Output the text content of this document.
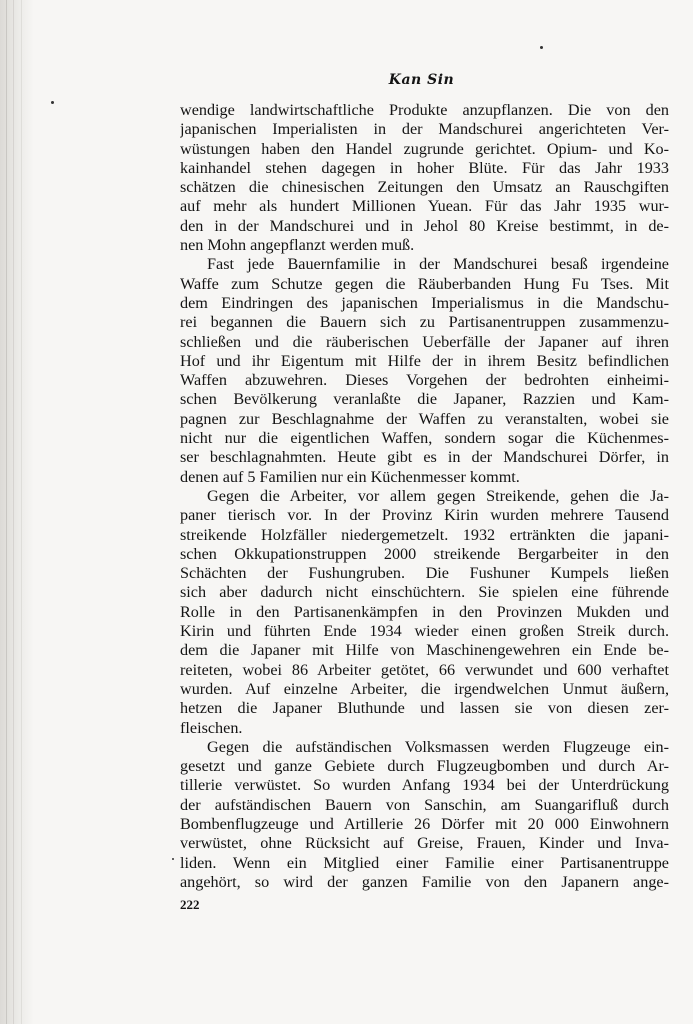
Kan Sin
wendige landwirtschaftliche Produkte anzupflanzen. Die von den
japanischen Imperialisten in der Mandschurei angerichteten Ver-
wüstungen haben den Handel zugrunde gerichtet. Opium- und Ko-
kainhandel stehen dagegen in hoher Blüte. Für das Jahr 1933
schätzen die chinesischen Zeitungen den Umsatz an Rauschgiften
auf mehr als hundert Millionen Yuean. Für das Jahr 1935 wur-
den in der Mandschurei und in Jehol 80 Kreise bestimmt, in de-
nen Mohn angepflanzt werden muß.
Fast jede Bauernfamilie in der Mandschurei besaß irgendeine
Waffe zum Schutze gegen die Räuberbanden Hung Fu Tses. Mit
dem Eindringen des japanischen Imperialismus in die Mandschu-
rei begannen die Bauern sich zu Partisanentruppen zusammenzu-
schließen und die räuberischen Ueberfälle der Japaner auf ihren
Hof und ihr Eigentum mit Hilfe der in ihrem Besitz befindlichen
Waffen abzuwehren. Dieses Vorgehen der bedrohten einheimi-
schen Bevölkerung veranlaßte die Japaner, Razzien und Kam-
pagnen zur Beschlagnahme der Waffen zu veranstalten, wobei sie
nicht nur die eigentlichen Waffen, sondern sogar die Küchenmes-
ser beschlagnahmten. Heute gibt es in der Mandschurei Dörfer, in
denen auf 5 Familien nur ein Küchenmesser kommt.
Gegen die Arbeiter, vor allem gegen Streikende, gehen die Ja-
paner tierisch vor. In der Provinz Kirin wurden mehrere Tausend
streikende Holzfäller niedergemetzelt. 1932 ertränkten die japani-
schen Okkupationstruppen 2000 streikende Bergarbeiter in den
Schächten der Fushungruben. Die Fushuner Kumpels ließen
sich aber dadurch nicht einschüchtern. Sie spielen eine führende
Rolle in den Partisanenkämpfen in den Provinzen Mukden und
Kirin und führten Ende 1934 wieder einen großen Streik durch.
dem die Japaner mit Hilfe von Maschinengewehren ein Ende be-
reiteten, wobei 86 Arbeiter getötet, 66 verwundet und 600 verhaftet
wurden. Auf einzelne Arbeiter, die irgendwelchen Unmut äußern,
hetzen die Japaner Bluthunde und lassen sie von diesen zer-
fleischen.
Gegen die aufständischen Volksmassen werden Flugzeuge ein-
gesetzt und ganze Gebiete durch Flugzeugbomben und durch Ar-
tillerie verwüstet. So wurden Anfang 1934 bei der Unterdrückung
der aufständischen Bauern von Sanschin, am Suangarifluß durch
Bombenflugzeuge und Artillerie 26 Dörfer mit 20 000 Einwohnern
verwüstet, ohne Rücksicht auf Greise, Frauen, Kinder und Inva-
liden. Wenn ein Mitglied einer Familie einer Partisanentruppe
angehört, so wird der ganzen Familie von den Japanern ange-
222
